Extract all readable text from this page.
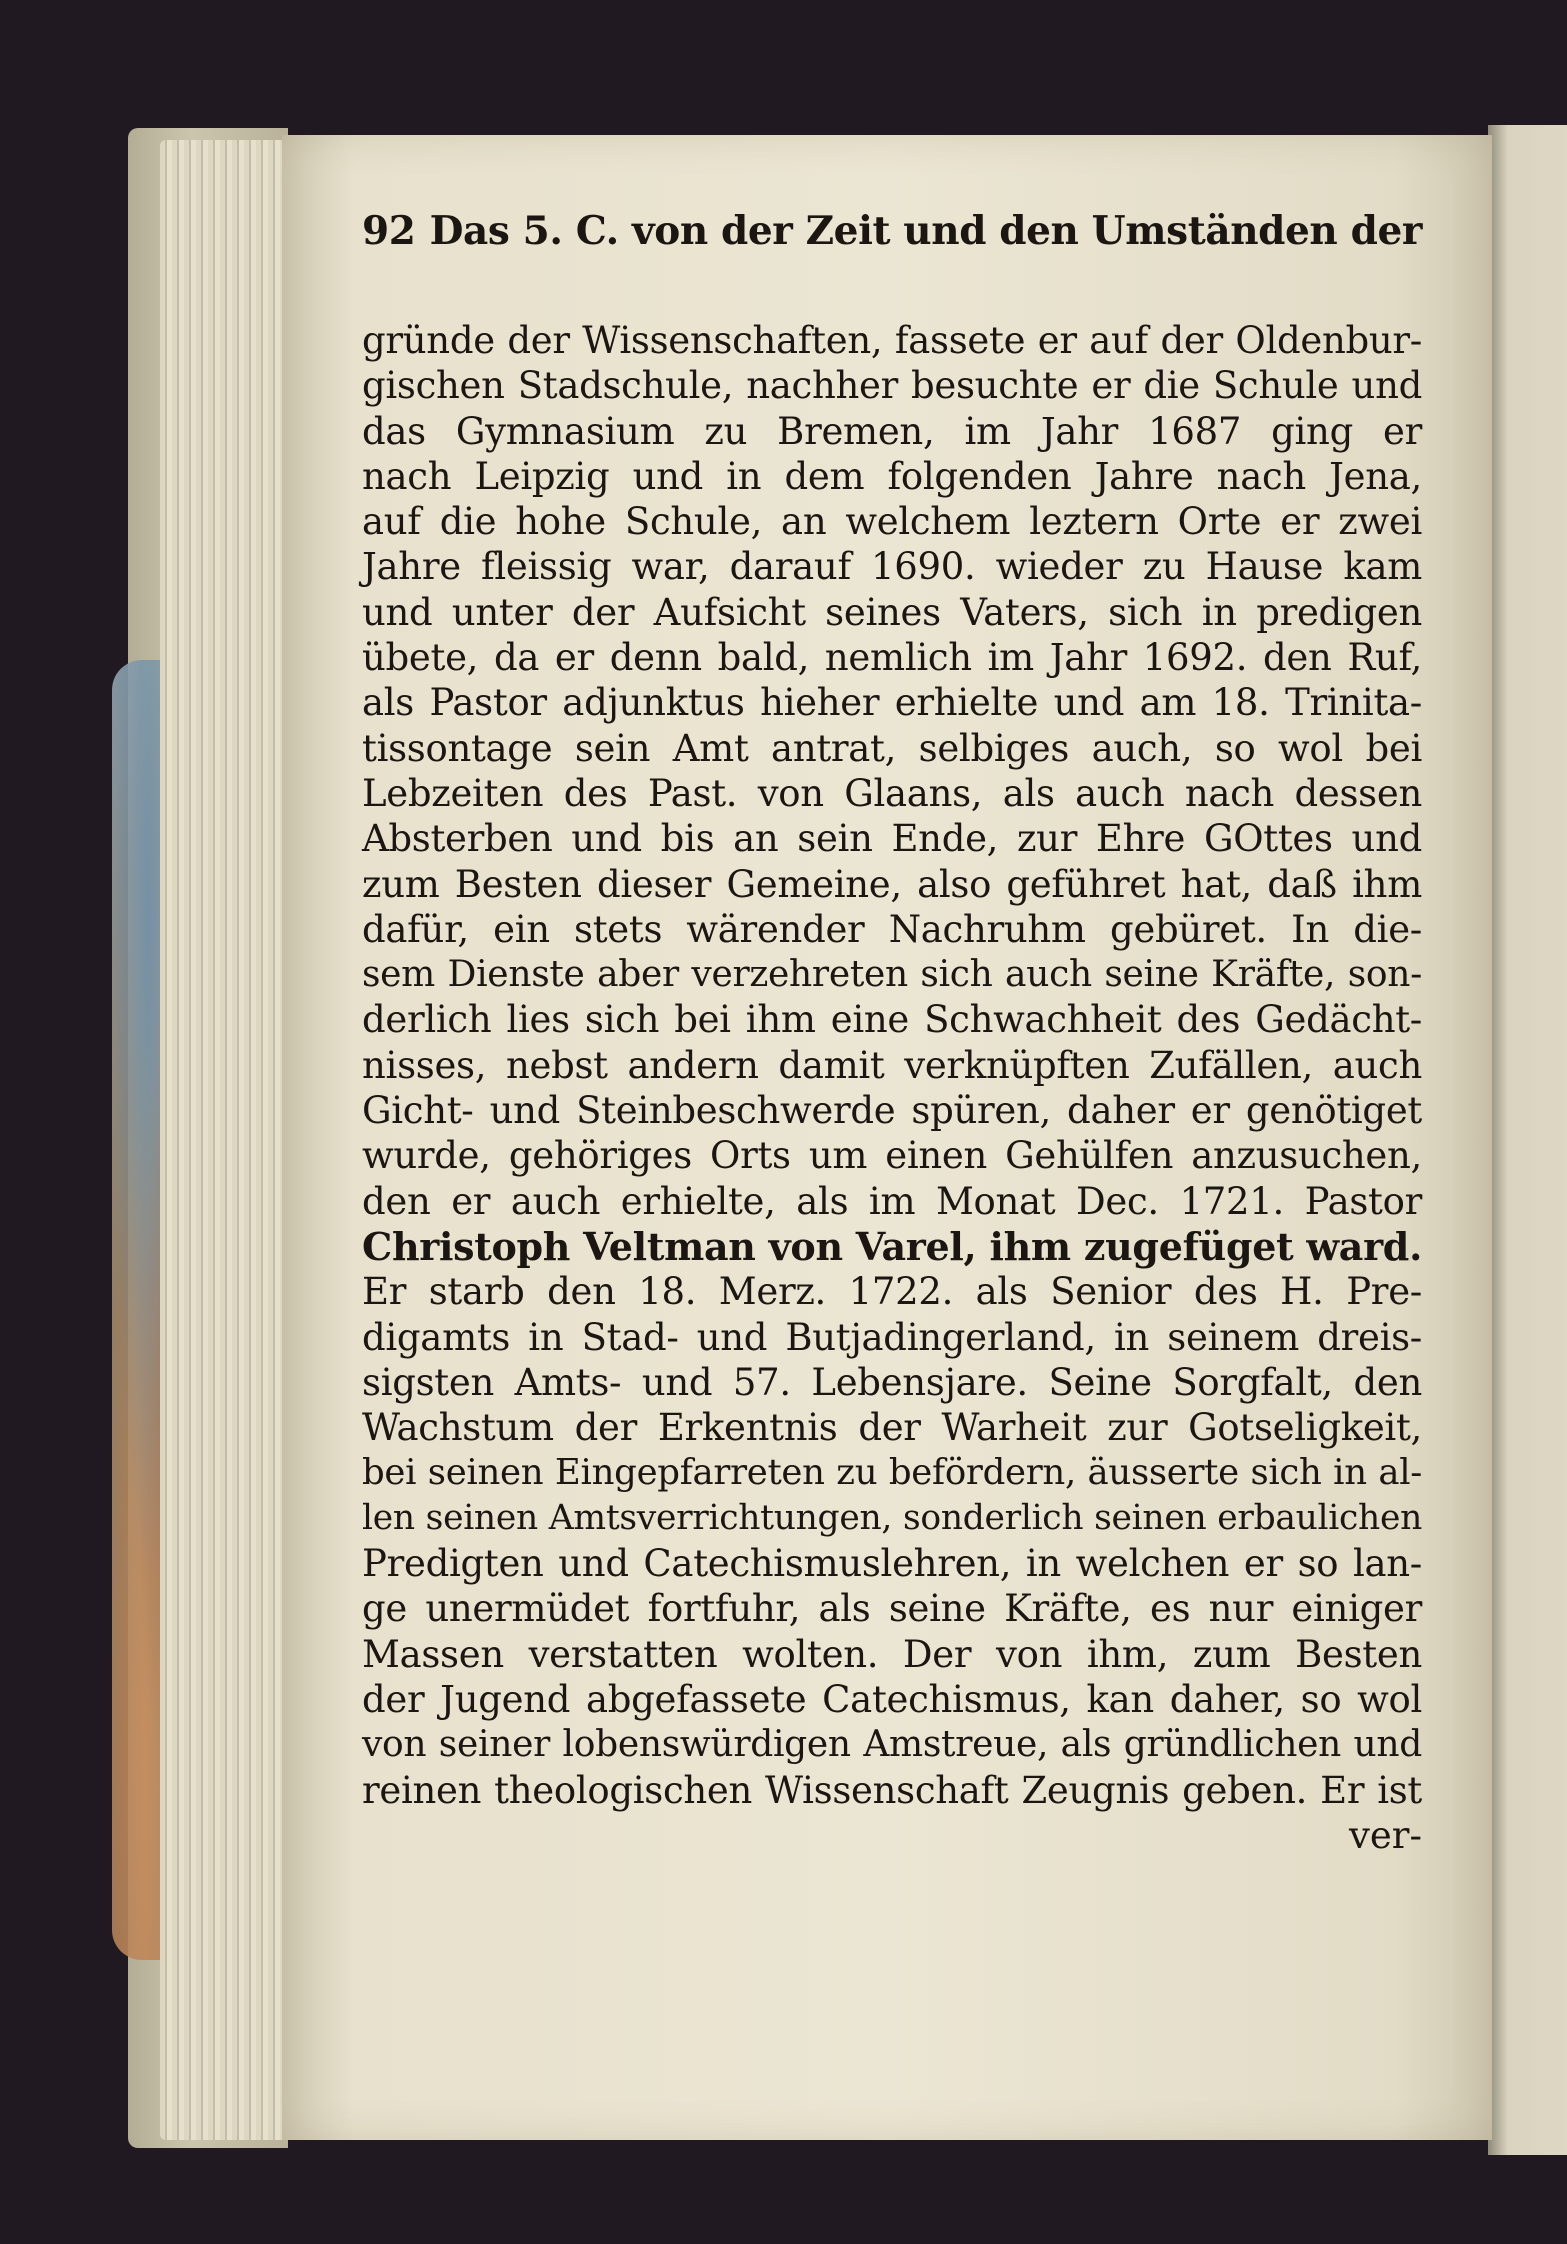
92 Das 5. C. von der Zeit und den Umständen der
gründe der Wissenschaften, fassete er auf der Oldenbur-
gischen Stadschule, nachher besuchte er die Schule und
das Gymnasium zu Bremen, im Jahr 1687 ging er
nach Leipzig und in dem folgenden Jahre nach Jena,
auf die hohe Schule, an welchem leztern Orte er zwei
Jahre fleissig war, darauf 1690. wieder zu Hause kam
und unter der Aufsicht seines Vaters, sich in predigen
übete, da er denn bald, nemlich im Jahr 1692. den Ruf,
als Pastor adjunktus hieher erhielte und am 18. Trinita-
tissontage sein Amt antrat, selbiges auch, so wol bei
Lebzeiten des Past. von Glaans, als auch nach dessen
Absterben und bis an sein Ende, zur Ehre GOttes und
zum Besten dieser Gemeine, also geführet hat, daß ihm
dafür, ein stets wärender Nachruhm gebüret. In die-
sem Dienste aber verzehreten sich auch seine Kräfte, son-
derlich lies sich bei ihm eine Schwachheit des Gedächt-
nisses, nebst andern damit verknüpften Zufällen, auch
Gicht- und Steinbeschwerde spüren, daher er genötiget
wurde, gehöriges Orts um einen Gehülfen anzusuchen,
den er auch erhielte, als im Monat Dec. 1721. Pastor
Christoph Veltman von Varel, ihm zugefüget ward.
Er starb den 18. Merz. 1722. als Senior des H. Pre-
digamts in Stad- und Butjadingerland, in seinem dreis-
sigsten Amts- und 57. Lebensjare. Seine Sorgfalt, den
Wachstum der Erkentnis der Warheit zur Gotseligkeit,
bei seinen Eingepfarreten zu befördern, äusserte sich in al-
len seinen Amtsverrichtungen, sonderlich seinen erbaulichen
Predigten und Catechismuslehren, in welchen er so lan-
ge unermüdet fortfuhr, als seine Kräfte, es nur einiger
Massen verstatten wolten. Der von ihm, zum Besten
der Jugend abgefassete Catechismus, kan daher, so wol
von seiner lobenswürdigen Amstreue, als gründlichen und
reinen theologischen Wissenschaft Zeugnis geben. Er ist
ver-
